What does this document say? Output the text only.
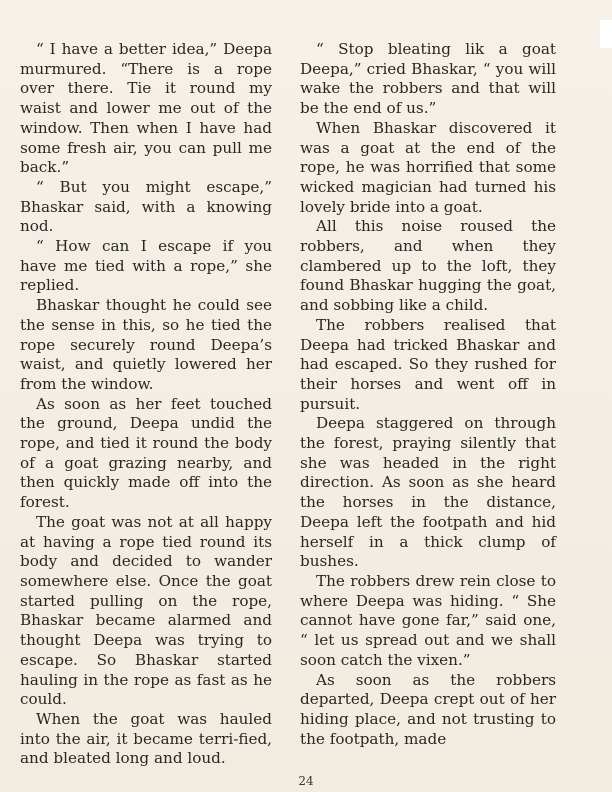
“ I have a better idea,” Deepa murmured. “There is a rope over there. Tie it round my waist and lower me out of the window. Then when I have had some fresh air, you can pull me back.”

“ But you might escape,” Bhaskar said, with a knowing nod.

“ How can I escape if you have me tied with a rope,” she replied.

Bhaskar thought he could see the sense in this, so he tied the rope securely round Deepa’s waist, and quietly lowered her from the window.

As soon as her feet touched the ground, Deepa undid the rope, and tied it round the body of a goat grazing nearby, and then quickly made off into the forest.

The goat was not at all happy at having a rope tied round its body and decided to wander somewhere else. Once the goat started pulling on the rope, Bhaskar became alarmed and thought Deepa was trying to escape. So Bhaskar started hauling in the rope as fast as he could.

When the goat was hauled into the air, it became terri-fied, and bleated long and loud.

“ Stop bleating lik a goat Deepa,” cried Bhaskar, “ you will wake the robbers and that will be the end of us.”

When Bhaskar discovered it was a goat at the end of the rope, he was horrified that some wicked magician had turned his lovely bride into a goat.

All this noise roused the robbers, and when they clambered up to the loft, they found Bhaskar hugging the goat, and sobbing like a child.

The robbers realised that Deepa had tricked Bhaskar and had escaped. So they rushed for their horses and went off in pursuit.

Deepa staggered on through the forest, praying silently that she was headed in the right direction. As soon as she heard the horses in the distance, Deepa left the footpath and hid herself in a thick clump of bushes.

The robbers drew rein close to where Deepa was hiding. “ She cannot have gone far,” said one, “ let us spread out and we shall soon catch the vixen.”

As soon as the robbers departed, Deepa crept out of her hiding place, and not trusting to the footpath, made

24
